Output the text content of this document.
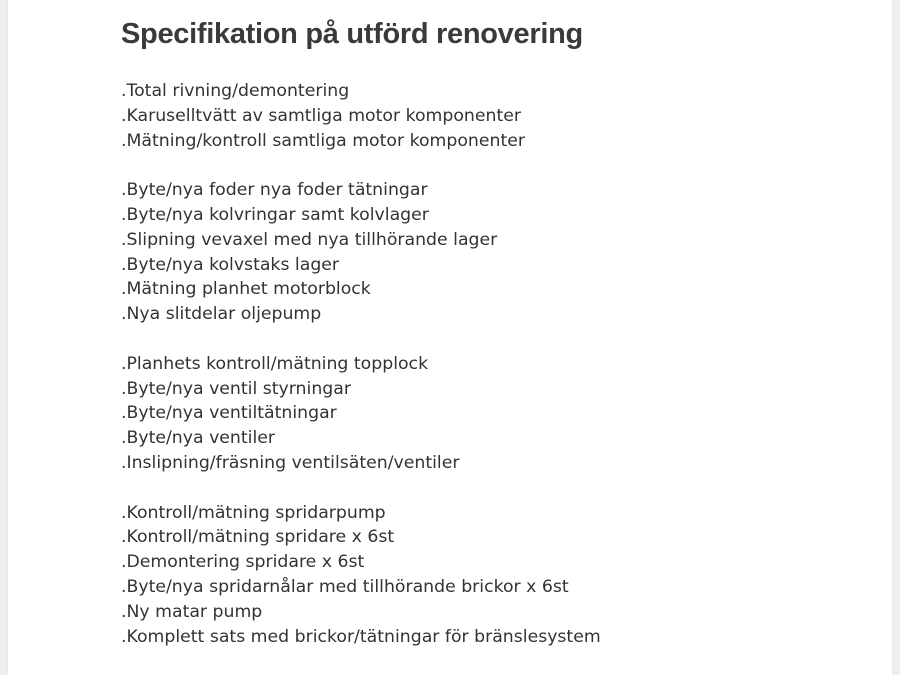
Specifikation på utförd renovering
.Total rivning/demontering
.Karuselltvätt av samtliga motor komponenter
.Mätning/kontroll samtliga motor komponenter
.Byte/nya foder nya foder tätningar
.Byte/nya kolvringar samt kolvlager
.Slipning vevaxel med nya tillhörande lager
.Byte/nya kolvstaks lager
.Mätning planhet motorblock
.Nya slitdelar oljepump
.Planhets kontroll/mätning topplock
.Byte/nya ventil styrningar
.Byte/nya ventiltätningar
.Byte/nya ventiler
.Inslipning/fräsning ventilsäten/ventiler
.Kontroll/mätning spridarpump
.Kontroll/mätning spridare x 6st
.Demontering spridare x 6st
.Byte/nya spridarnålar med tillhörande brickor x 6st
.Ny matar pump
.Komplett sats med brickor/tätningar för bränslesystem
